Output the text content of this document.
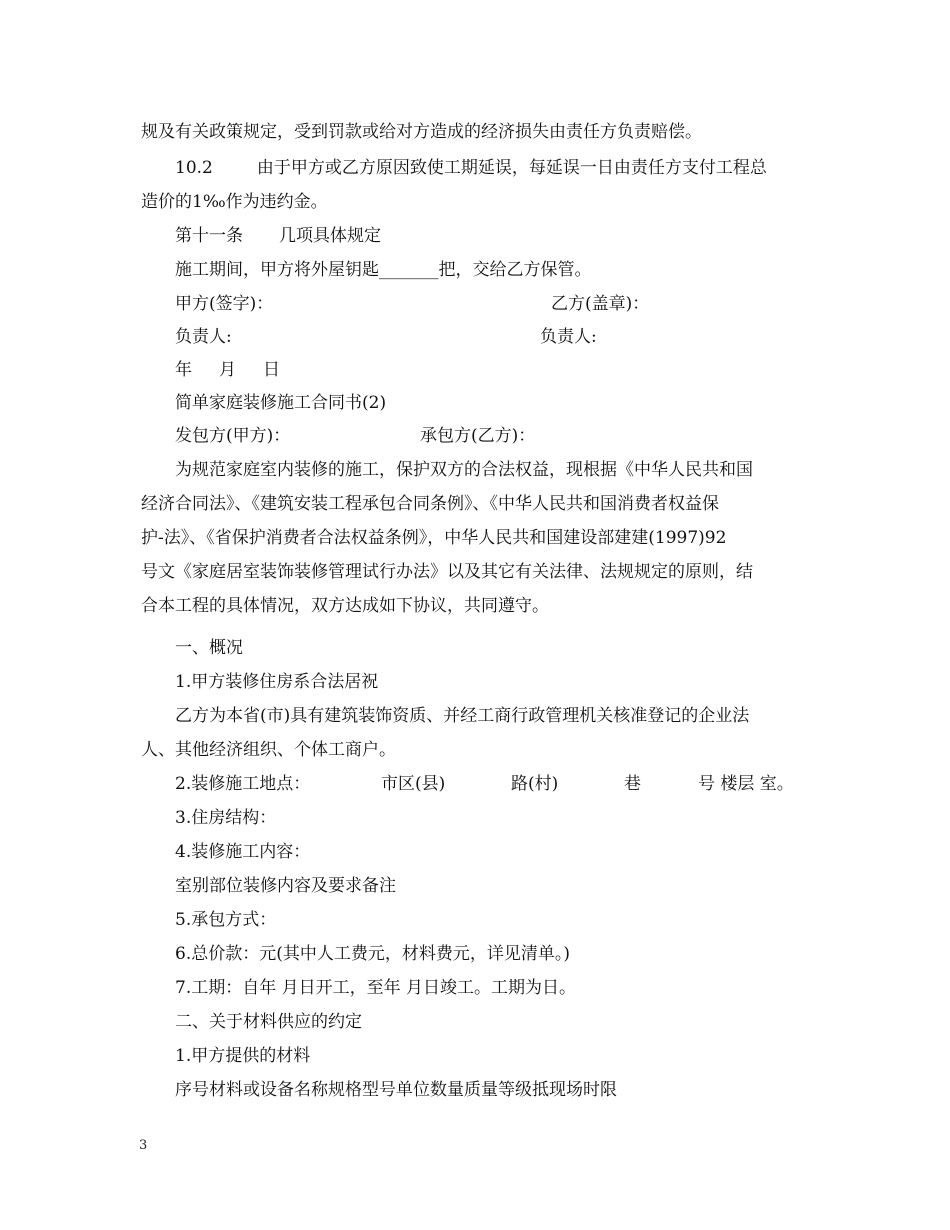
规及有关政策规定，受到罚款或给对方造成的经济损失由责任方负责赔偿。
10.2	由于甲方或乙方原因致使工期延误，每延误一日由责任方支付工程总
造价的1‰作为违约金。
第十一条 几项具体规定
施工期间，甲方将外屋钥匙_______把，交给乙方保管。
甲方(签字)：	乙方(盖章)：
负责人:	负责人:
年 月 日
简单家庭装修施工合同书(2)
发包方(甲方)：	承包方(乙方)：
为规范家庭室内装修的施工，保护双方的合法权益，现根据《中华人民共和国
经济合同法》、《建筑安装工程承包合同条例》、《中华人民共和国消费者权益保
护-法》、《省保护消费者合法权益条例》，中华人民共和国建设部建建(1997)92
号文《家庭居室装饰装修管理试行办法》以及其它有关法律、法规规定的原则，结
合本工程的具体情况，双方达成如下协议，共同遵守。
一、概况
1.甲方装修住房系合法居祝
乙方为本省(市)具有建筑装饰资质、并经工商行政管理机关核准登记的企业法
人、其他经济组织、个体工商户。
2.装修施工地点：	市区(县)	路(村)	巷	号 楼层 室。
3.住房结构：
4.装修施工内容：
室别部位装修内容及要求备注
5.承包方式：
6.总价款：元(其中人工费元，材料费元，详见清单。)
7.工期：自年 月日开工，至年 月日竣工。工期为日。
二、关于材料供应的约定
1.甲方提供的材料
序号材料或设备名称规格型号单位数量质量等级抵现场时限
3
